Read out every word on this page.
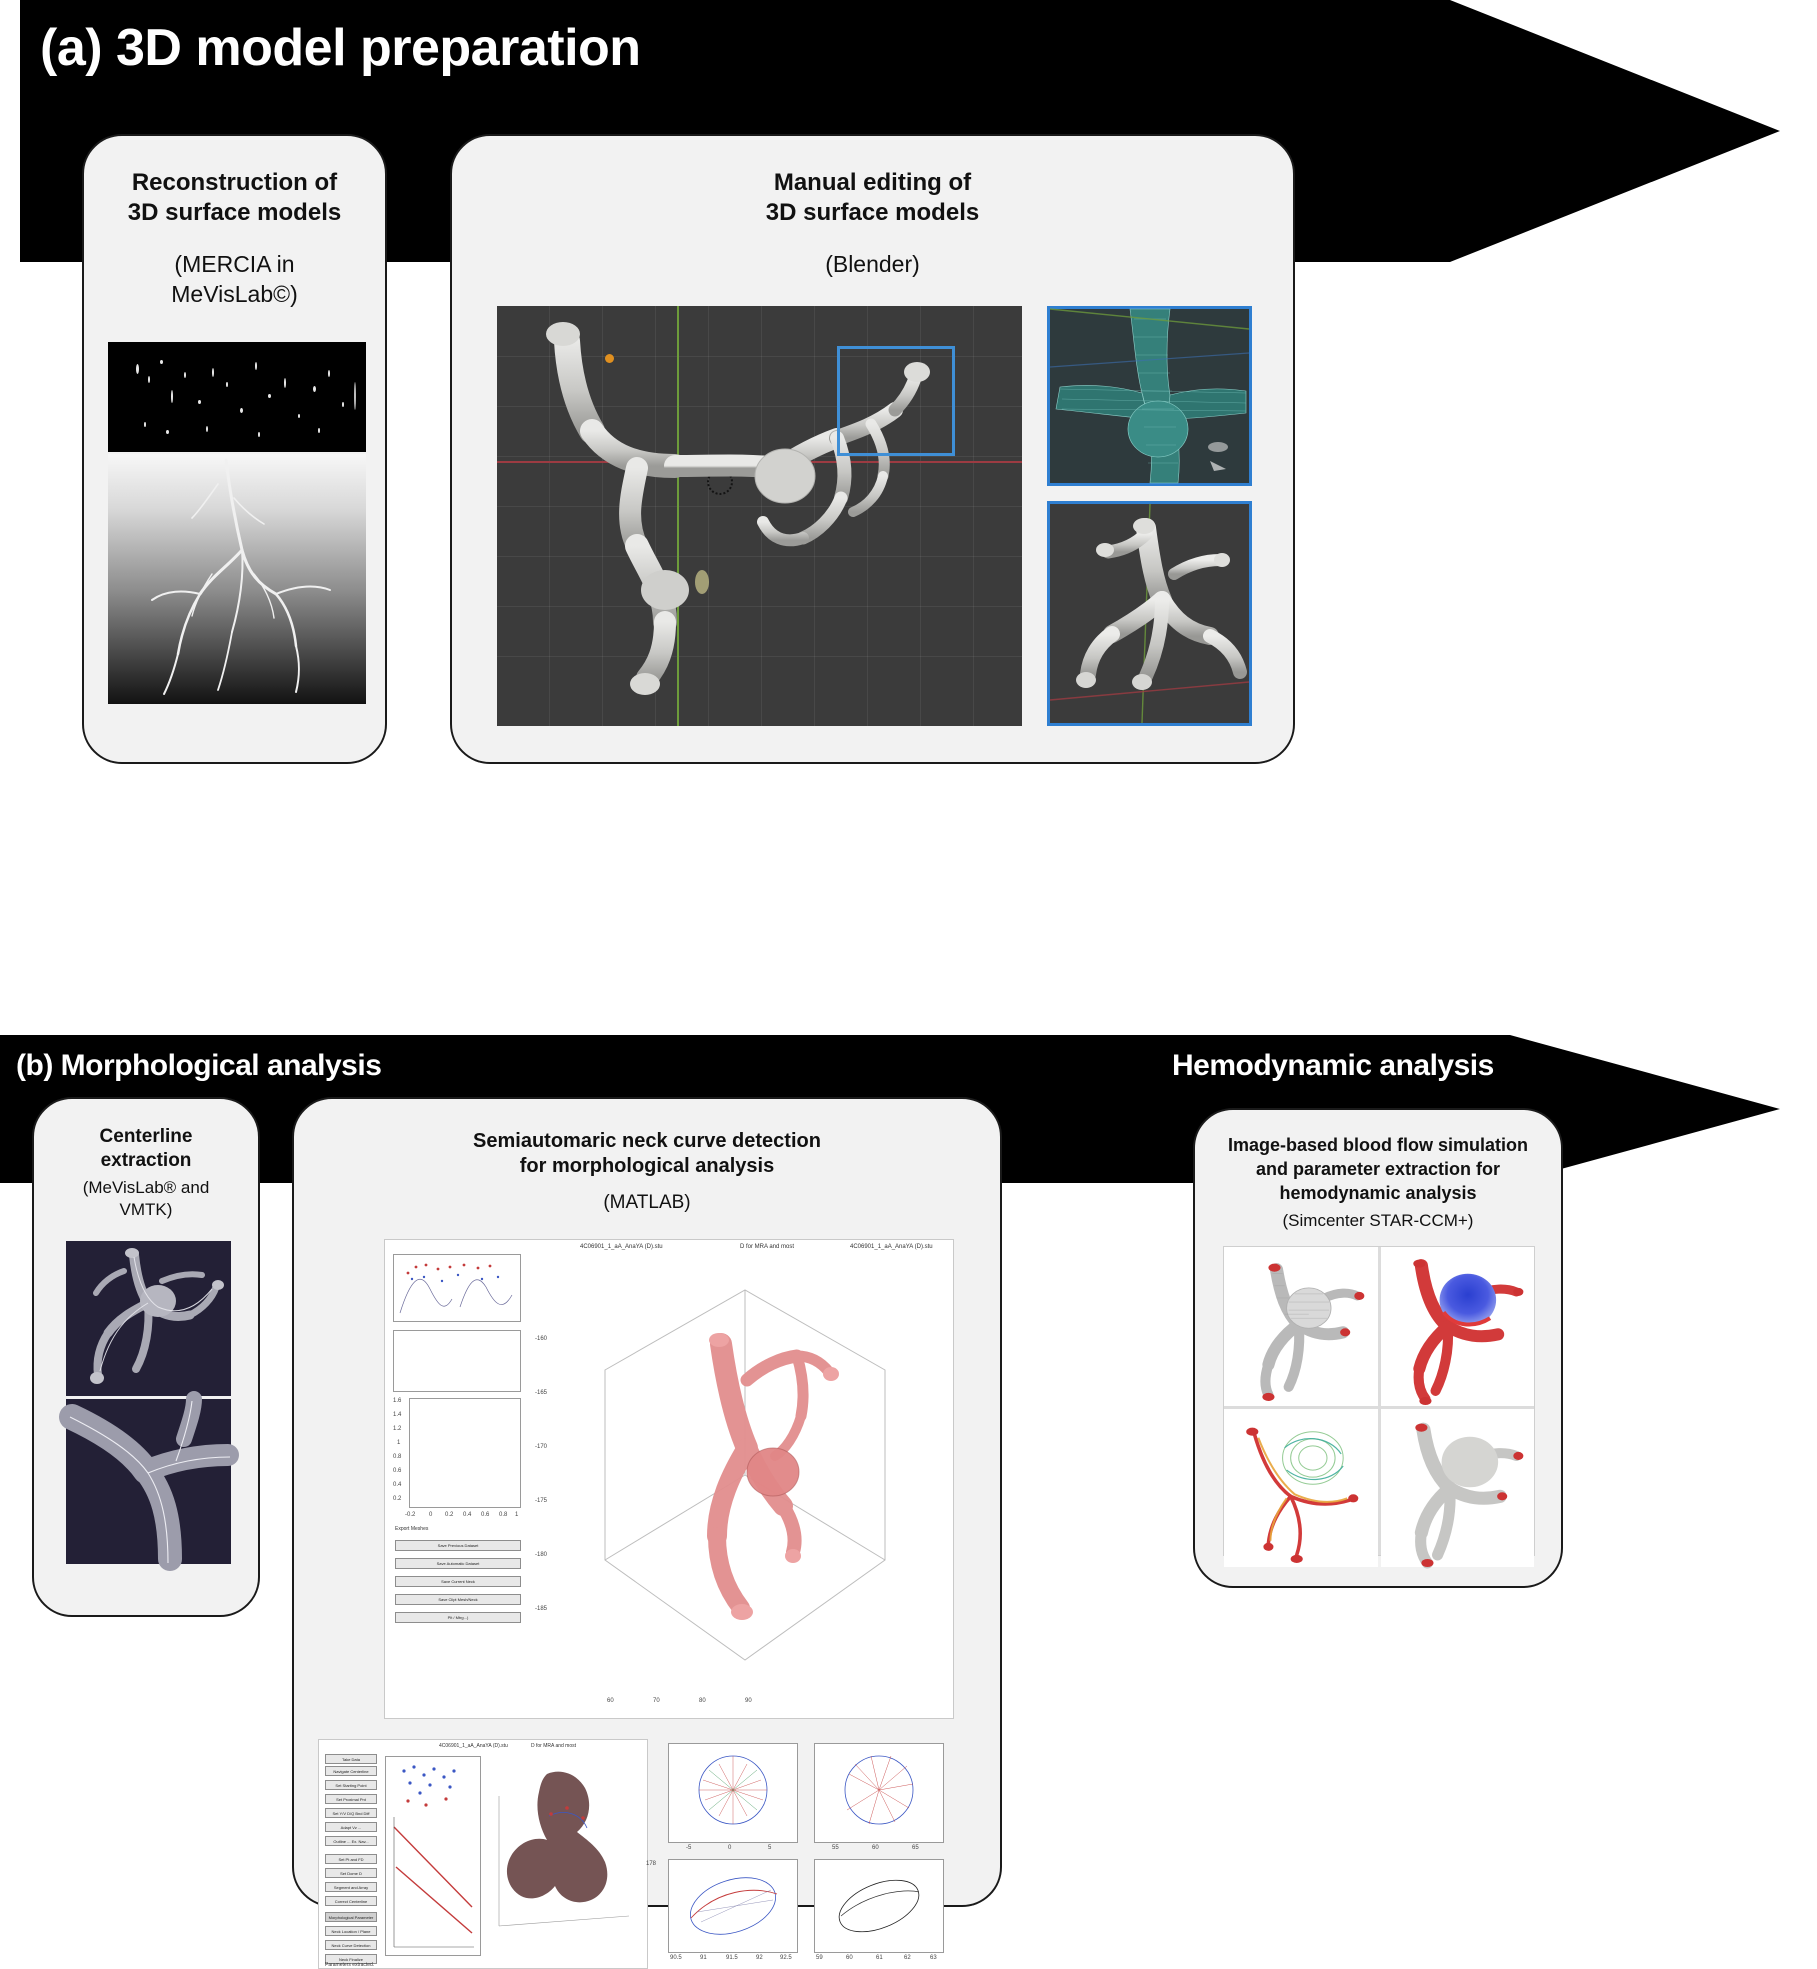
(a) 3D model preparation
Reconstruction of
3D surface models
(MERCIA in
MeVisLab©)
Manual editing of
3D surface models
(Blender)
(b) Morphological analysis	Hemodynamic analysis
Centerline
extraction
(MeVisLab® and
VMTK)
Semiautomaric neck curve detection
for morphological analysis
(MATLAB)
4C06901_1_aA_AnaYA (D).stu	D for MRA and most	4C06901_1_aA_AnaYA (D).stu
1.6
1.4
1.2
1
0.8
0.6
0.4
0.2
-0.2 0 0.2 0.4 0.6 0.8 1
Export Meshes
Save Previous Dataset
Save Automatic Dataset
Save Current Neck
Save Clipt Mesh/Neck
Plt / Mtrg...)
-160
-165
-170
-175
-180
-185
60	70	80	90
4C06901_1_aA_AnaYA (D).stu	D for MRA and most
Take Data
Navigate Centerline
Set Starting Point
Set Proximal Pnt
Set Y/V D/Q Bnd Diff
Adapt Vz ...
Outline ... Ex. Nav...
Set Pt and FD
Set Dome D
Segment and Array
Correct Centerline
Morphological Parameter
Neck Location / Plane
Neck Curve Detection
Neck Finalize
Parameters extracted.
-5	0	5	55	60	65
178
90.5	91	91.5	92	92.5	59	60	61	62	63
Image-based blood flow simulation
and parameter extraction for
hemodynamic analysis
(Simcenter STAR-CCM+)
